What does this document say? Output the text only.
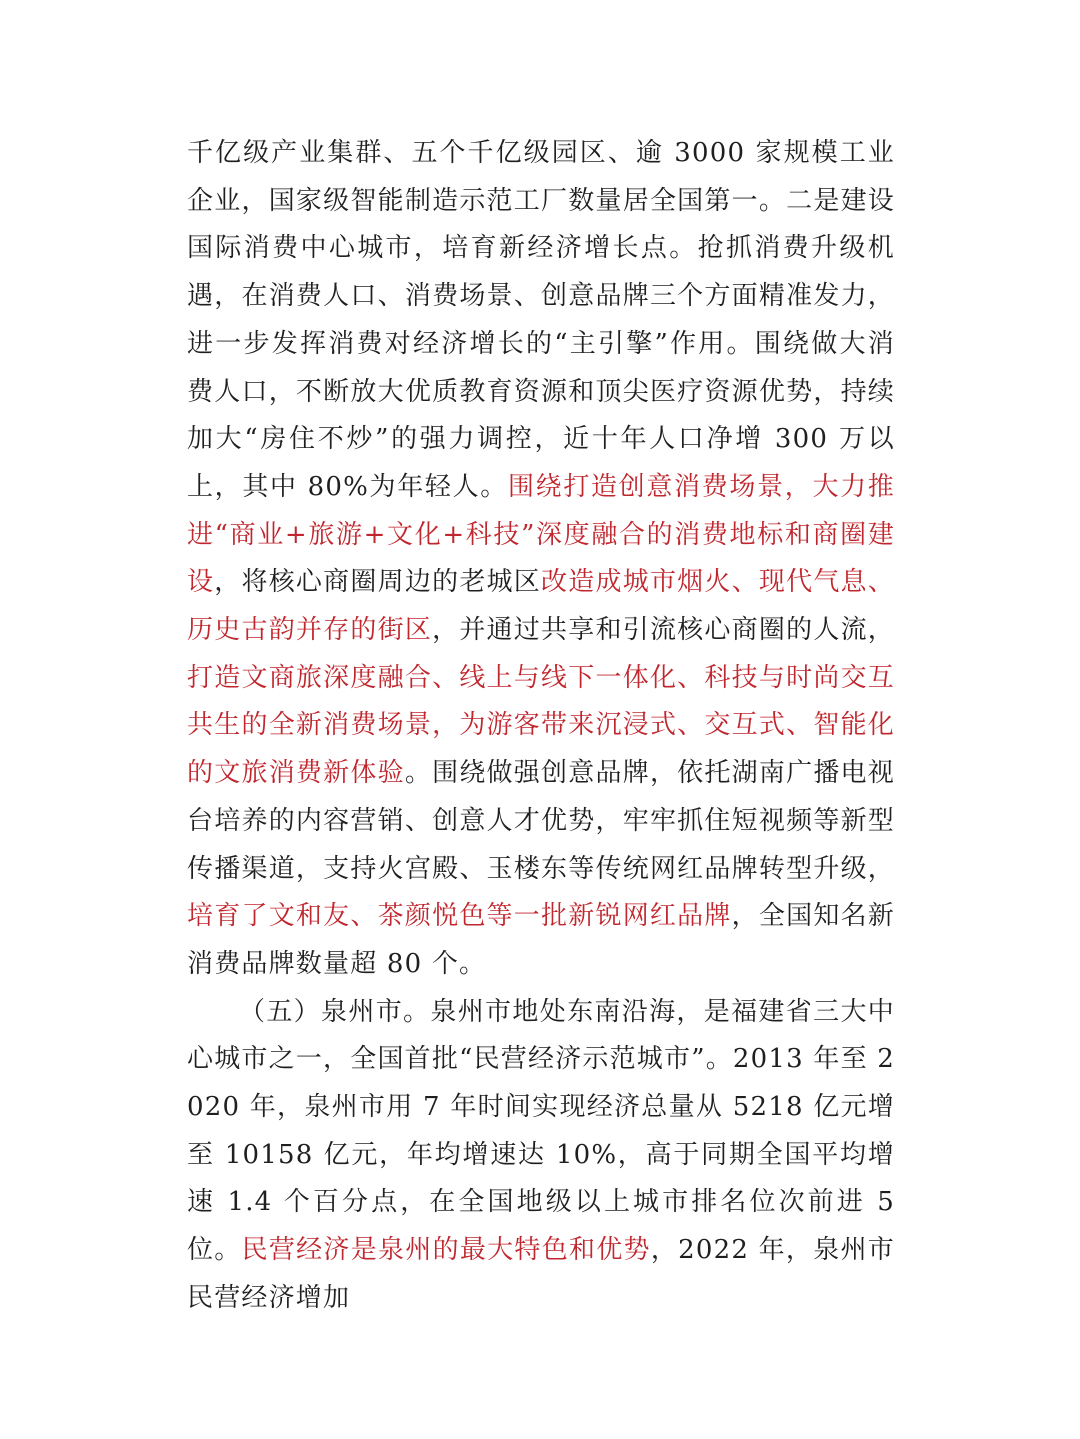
千亿级产业集群、五个千亿级园区、逾 3000 家规模工业企业，国家级智能制造示范工厂数量居全国第一。二是建设国际消费中心城市，培育新经济增长点。抢抓消费升级机遇，在消费人口、消费场景、创意品牌三个方面精准发力，进一步发挥消费对经济增长的“主引擎”作用。围绕做大消费人口，不断放大优质教育资源和顶尖医疗资源优势，持续加大“房住不炒”的强力调控，近十年人口净增 300 万以上，其中 80%为年轻人。围绕打造创意消费场景，大力推进“商业+旅游+文化+科技”深度融合的消费地标和商圈建设，将核心商圈周边的老城区改造成城市烟火、现代气息、历史古韵并存的街区，并通过共享和引流核心商圈的人流，打造文商旅深度融合、线上与线下一体化、科技与时尚交互共生的全新消费场景，为游客带来沉浸式、交互式、智能化的文旅消费新体验。围绕做强创意品牌，依托湖南广播电视台培养的内容营销、创意人才优势，牢牢抓住短视频等新型传播渠道，支持火宫殿、玉楼东等传统网红品牌转型升级，培育了文和友、茶颜悦色等一批新锐网红品牌，全国知名新消费品牌数量超 80 个。

（五）泉州市。泉州市地处东南沿海，是福建省三大中心城市之一，全国首批“民营经济示范城市”。2013 年至 2020 年，泉州市用 7 年时间实现经济总量从 5218 亿元增至 10158 亿元，年均增速达 10%，高于同期全国平均增速 1.4 个百分点，在全国地级以上城市排名位次前进 5 位。民营经济是泉州的最大特色和优势，2022 年，泉州市民营经济增加
